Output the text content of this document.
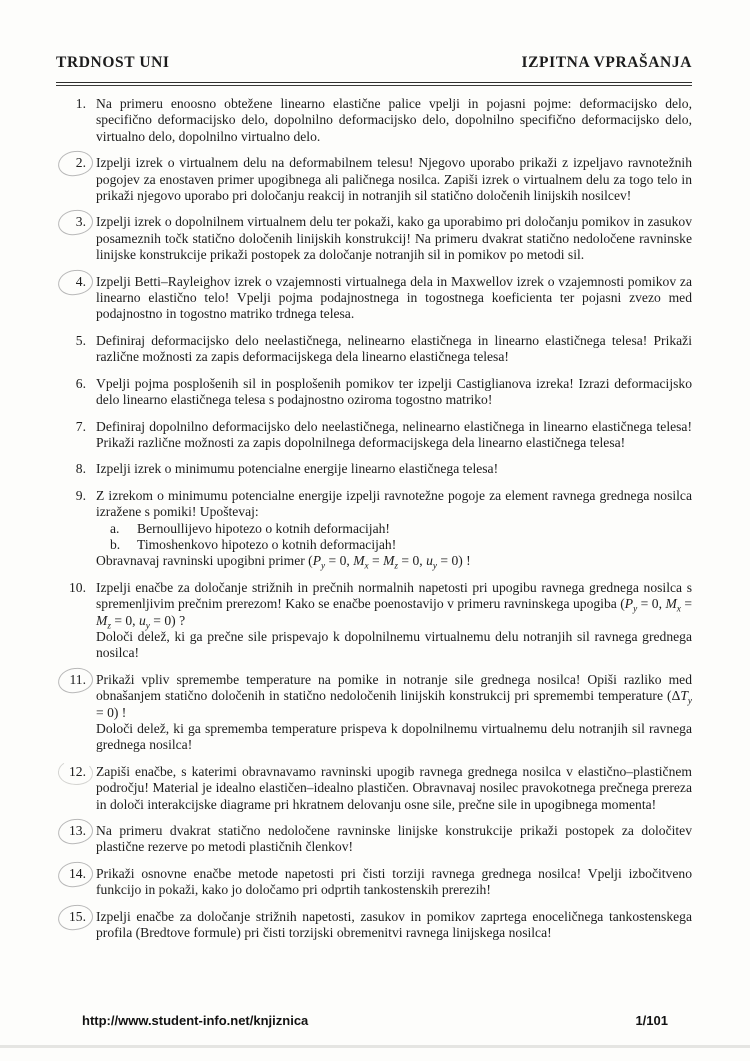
TRDNOST UNI	IZPITNA VPRAŠANJA
1. Na primeru enoosno obtežene linearno elastične palice vpelji in pojasni pojme: deformacijsko delo, specifično deformacijsko delo, dopolnilno deformacijsko delo, dopolnilno specifično deformacijsko delo, virtualno delo, dopolnilno virtualno delo.

2. Izpelji izrek o virtualnem delu na deformabilnem telesu! Njegovo uporabo prikaži z izpeljavo ravnotežnih pogojev za enostaven primer upogibnega ali paličnega nosilca. Zapiši izrek o virtualnem delu za togo telo in prikaži njegovo uporabo pri določanju reakcij in notranjih sil statično določenih linijskih nosilcev!

3. Izpelji izrek o dopolnilnem virtualnem delu ter pokaži, kako ga uporabimo pri določanju pomikov in zasukov posameznih točk statično določenih linijskih konstrukcij! Na primeru dvakrat statično nedoločene ravninske linijske konstrukcije prikaži postopek za določanje notranjih sil in pomikov po metodi sil.

4. Izpelji Betti–Rayleighov izrek o vzajemnosti virtualnega dela in Maxwellov izrek o vzajemnosti pomikov za linearno elastično telo! Vpelji pojma podajnostnega in togostnega koeficienta ter pojasni zvezo med podajnostno in togostno matriko trdnega telesa.

5. Definiraj deformacijsko delo neelastičnega, nelinearno elastičnega in linearno elastičnega telesa! Prikaži različne možnosti za zapis deformacijskega dela linearno elastičnega telesa!

6. Vpelji pojma posplošenih sil in posplošenih pomikov ter izpelji Castiglianova izreka! Izrazi deformacijsko delo linearno elastičnega telesa s podajnostno oziroma togostno matriko!

7. Definiraj dopolnilno deformacijsko delo neelastičnega, nelinearno elastičnega in linearno elastičnega telesa! Prikaži različne možnosti za zapis dopolnilnega deformacijskega dela linearno elastičnega telesa!

8. Izpelji izrek o minimumu potencialne energije linearno elastičnega telesa!

9. Z izrekom o minimumu potencialne energije izpelji ravnotežne pogoje za element ravnega grednega nosilca izražene s pomiki! Upoštevaj:

a.	Bernoullijevo hipotezo o kotnih deformacijah!
b.	Timoshenkovo hipotezo o kotnih deformacijah!

Obravnavaj ravninski upogibni primer ($P_y = 0$, $M_x = M_z = 0$, $u_y = 0$) !

10. Izpelji enačbe za določanje strižnih in prečnih normalnih napetosti pri upogibu ravnega grednega nosilca s spremenljivim prečnim prerezom! Kako se enačbe poenostavijo v primeru ravninskega upogiba ($P_y = 0$, $M_x = M_z = 0$, $u_y = 0$) ?

Določi delež, ki ga prečne sile prispevajo k dopolnilnemu virtualnemu delu notranjih sil ravnega grednega nosilca!

11. Prikaži vpliv spremembe temperature na pomike in notranje sile grednega nosilca! Opiši razliko med obnašanjem statično določenih in statično nedoločenih linijskih konstrukcij pri spremembi temperature $(\Delta T_y = 0)$ !

Določi delež, ki ga sprememba temperature prispeva k dopolnilnemu virtualnemu delu notranjih sil ravnega grednega nosilca!

12. Zapiši enačbe, s katerimi obravnavamo ravninski upogib ravnega grednega nosilca v elastično–plastičnem področju! Material je idealno elastičen–idealno plastičen. Obravnavaj nosilec pravokotnega prečnega prereza in določi interakcijske diagrame pri hkratnem delovanju osne sile, prečne sile in upogibnega momenta!

13. Na primeru dvakrat statično nedoločene ravninske linijske konstrukcije prikaži postopek za določitev plastične rezerve po metodi plastičnih členkov!

14. Prikaži osnovne enačbe metode napetosti pri čisti torziji ravnega grednega nosilca! Vpelji izbočitveno funkcijo in pokaži, kako jo določamo pri odprtih tankostenskih prerezih!

15. Izpelji enačbe za določanje strižnih napetosti, zasukov in pomikov zaprtega enoceličnega tankostenskega profila (Bredtove formule) pri čisti torzijski obremenitvi ravnega linijskega nosilca!

http://www.student-info.net/knjiznica	1/101
